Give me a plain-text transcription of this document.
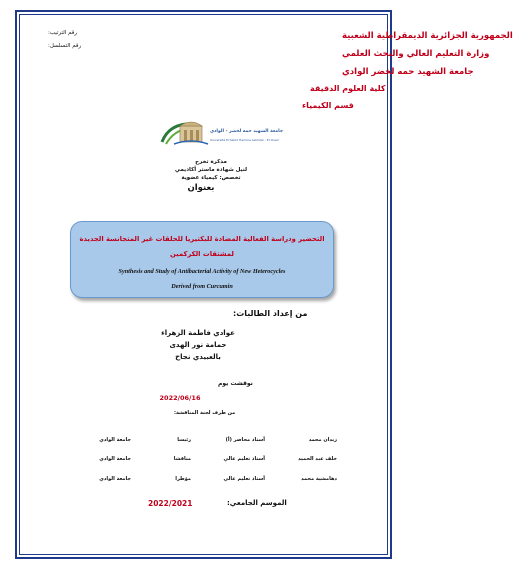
رقم الترتيب:
رقم التسلسل:
الجمهورية الجزائرية الديمقراطية الشعبية
وزارة التعليم العالي والبحث العلمي
جامعة الشهيد حمه لخضر الوادي
كلية العلوم الدقيقة
قسم الكيمياء
جامعة الشهيد حمه لخضر - الوادي
Université Echahid Hamma Lakhdar - El Oued
مذكرة تخرج
لنيل شهادة ماستر أكاديمي
تخصص: كيمياء عضوية
بعنوان
التحضير ودراسة الفعالية المضادة للبكتيريا للحلقات غير المتجانسة الجديدة
لمشتقات الكركمين
Synthesis and Study of Antibacterial Activity of New Heterocycles
Derived from Curcumin
من إعداد الطالبات:
عوادي فاطمة الزهراء
حمامة نور الهدى
بالعبيدي نجاح
نوقشت يوم
2022/06/16
من طرف لجنة المناقشة:
زيدان محمد
أستاذ محاضر (أ)
رئيسا
جامعة الوادي
خلف عبد الحميد
أستاذ تعليم عالي
مناقشا
جامعة الوادي
دهامشية محمد
أستاذ تعليم عالي
مؤطرا
جامعة الوادي
الموسم الجامعي:
2022/2021
